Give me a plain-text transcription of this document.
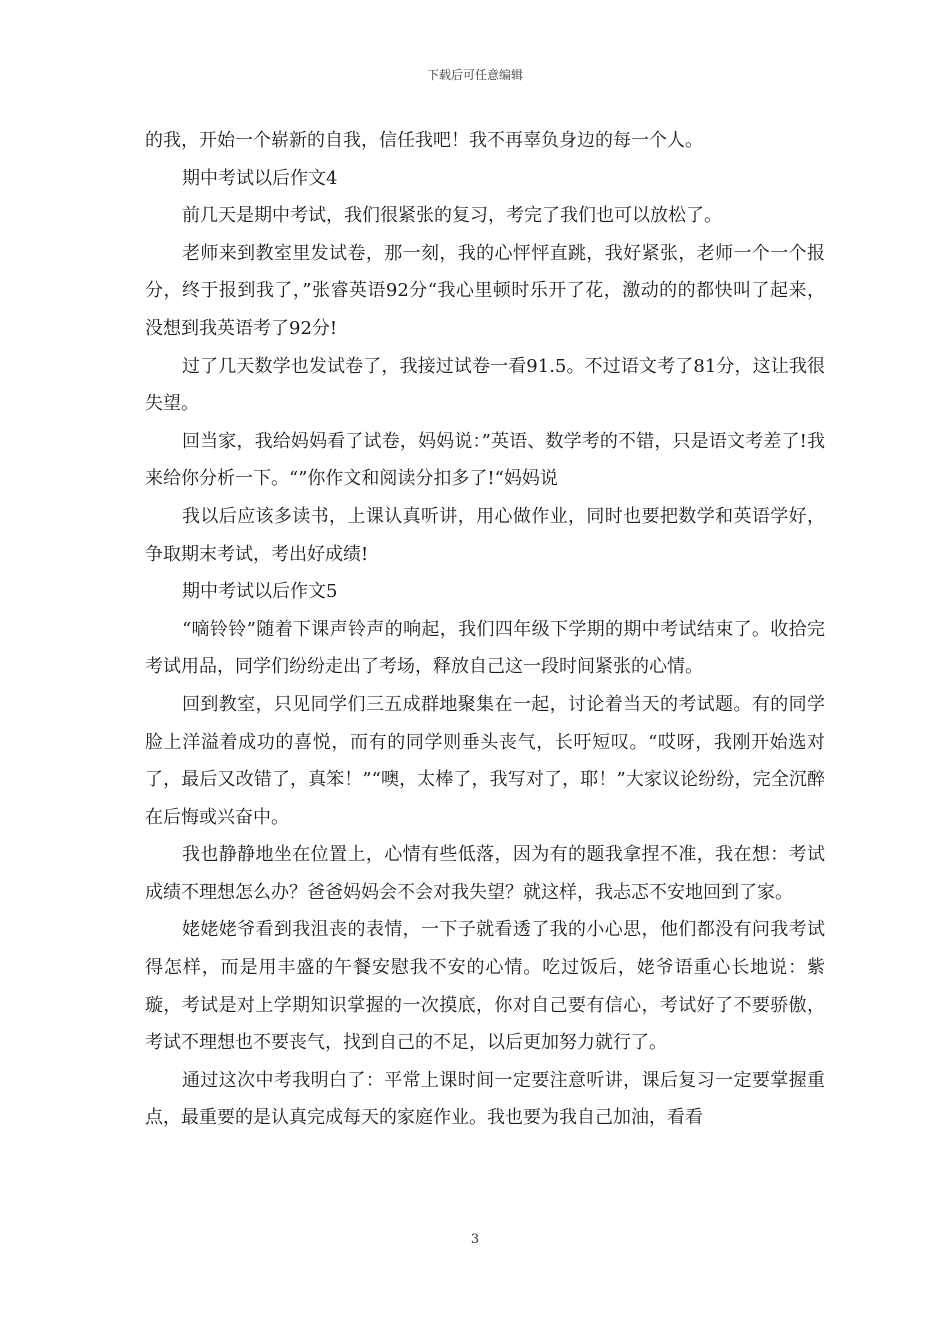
下载后可任意编辑

的我，开始一个崭新的自我，信任我吧！我不再辜负身边的每一个人。

期中考试以后作文4

前几天是期中考试，我们很紧张的复习，考完了我们也可以放松了。

老师来到教室里发试卷，那一刻，我的心怦怦直跳，我好紧张，老师一个一个报分，终于报到我了，”张睿英语92分“我心里顿时乐开了花，激动的的都快叫了起来，没想到我英语考了92分!

过了几天数学也发试卷了，我接过试卷一看91.5。不过语文考了81分，这让我很失望。

回当家，我给妈妈看了试卷，妈妈说：”英语、数学考的不错，只是语文考差了!我来给你分析一下。“”你作文和阅读分扣多了!“妈妈说

我以后应该多读书，上课认真听讲，用心做作业，同时也要把数学和英语学好，争取期末考试，考出好成绩!

期中考试以后作文5

“嘀铃铃”随着下课声铃声的响起，我们四年级下学期的期中考试结束了。收拾完考试用品，同学们纷纷走出了考场，释放自己这一段时间紧张的心情。

回到教室，只见同学们三五成群地聚集在一起，讨论着当天的考试题。有的同学脸上洋溢着成功的喜悦，而有的同学则垂头丧气，长吁短叹。“哎呀，我刚开始选对了，最后又改错了，真笨！”“噢，太棒了，我写对了，耶！”大家议论纷纷，完全沉醉在后悔或兴奋中。

我也静静地坐在位置上，心情有些低落，因为有的题我拿捏不准，我在想：考试成绩不理想怎么办？爸爸妈妈会不会对我失望？就这样，我忐忑不安地回到了家。

姥姥姥爷看到我沮丧的表情，一下子就看透了我的小心思，他们都没有问我考试得怎样，而是用丰盛的午餐安慰我不安的心情。吃过饭后，姥爷语重心长地说：紫璇，考试是对上学期知识掌握的一次摸底，你对自己要有信心，考试好了不要骄傲，考试不理想也不要丧气，找到自己的不足，以后更加努力就行了。

通过这次中考我明白了：平常上课时间一定要注意听讲，课后复习一定要掌握重点，最重要的是认真完成每天的家庭作业。我也要为我自己加油，看看

3
